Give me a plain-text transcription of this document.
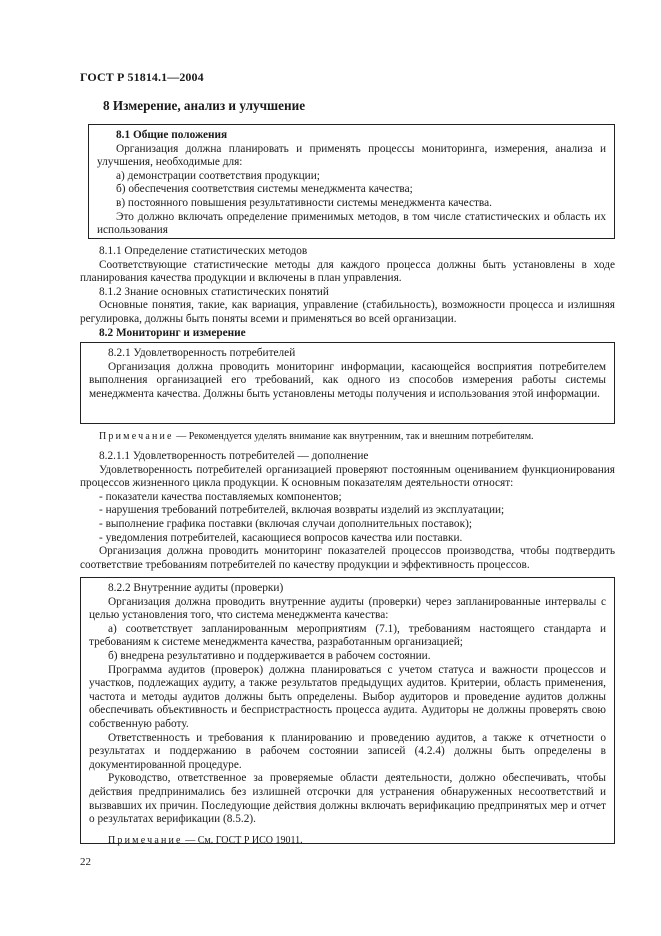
ГОСТ Р 51814.1—2004
8 Измерение, анализ и улучшение

8.1 Общие положения

Организация должна планировать и применять процессы мониторинга, измерения, анализа и улучшения, необходимые для:

а) демонстрации соответствия продукции;

б) обеспечения соответствия системы менеджмента качества;

в) постоянного повышения результативности системы менеджмента качества.

Это должно включать определение применимых методов, в том числе статистических и область их использования

8.1.1 Определение статистических методов

Соответствующие статистические методы для каждого процесса должны быть установлены в ходе планирования качества продукции и включены в план управления.

8.1.2 Знание основных статистических понятий

Основные понятия, такие, как вариация, управление (стабильность), возможности процесса и излишняя регулировка, должны быть поняты всеми и применяться во всей организации.

8.2 Мониторинг и измерение

8.2.1 Удовлетворенность потребителей

Организация должна проводить мониторинг информации, касающейся восприятия потребителем выполнения организацией его требований, как одного из способов измерения работы системы менеджмента качества. Должны быть установлены методы получения и использования этой информации.

Примечание — Рекомендуется уделять внимание как внутренним, так и внешним потребителям.

8.2.1.1 Удовлетворенность потребителей — дополнение

Удовлетворенность потребителей организацией проверяют постоянным оцениванием функционирования процессов жизненного цикла продукции. К основным показателям деятельности относят:

- показатели качества поставляемых компонентов;

- нарушения требований потребителей, включая возвраты изделий из эксплуатации;

- выполнение графика поставки (включая случаи дополнительных поставок);

- уведомления потребителей, касающиеся вопросов качества или поставки.

Организация должна проводить мониторинг показателей процессов производства, чтобы подтвердить соответствие требованиям потребителей по качеству продукции и эффективность процессов.

8.2.2 Внутренние аудиты (проверки)

Организация должна проводить внутренние аудиты (проверки) через запланированные интервалы с целью установления того, что система менеджмента качества:

а) соответствует запланированным мероприятиям (7.1), требованиям настоящего стандарта и требованиям к системе менеджмента качества, разработанным организацией;

б) внедрена результативно и поддерживается в рабочем состоянии.

Программа аудитов (проверок) должна планироваться с учетом статуса и важности процессов и участков, подлежащих аудиту, а также результатов предыдущих аудитов. Критерии, область применения, частота и методы аудитов должны быть определены. Выбор аудиторов и проведение аудитов должны обеспечивать объективность и беспристрастность процесса аудита. Аудиторы не должны проверять свою собственную работу.

Ответственность и требования к планированию и проведению аудитов, а также к отчетности о результатах и поддержанию в рабочем состоянии записей (4.2.4) должны быть определены в документированной процедуре.

Руководство, ответственное за проверяемые области деятельности, должно обеспечивать, чтобы действия предпринимались без излишней отсрочки для устранения обнаруженных несоответствий и вызвавших их причин. Последующие действия должны включать верификацию предпринятых мер и отчет о результатах верификации (8.5.2).

Примечание — См. ГОСТ Р ИСО 19011.

22
